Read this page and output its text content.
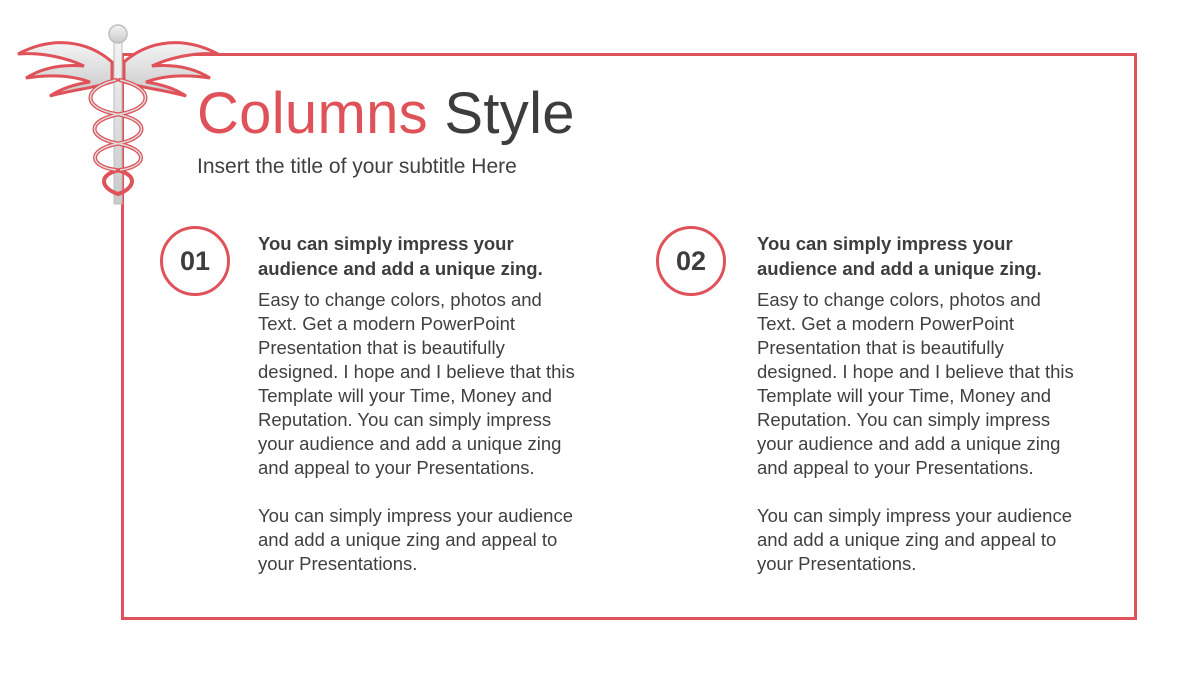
Columns Style

Insert the title of your subtitle Here

01
You can simply impress your
audience and add a unique zing.

Easy to change colors, photos and
Text. Get a modern PowerPoint
Presentation that is beautifully
designed. I hope and I believe that this
Template will your Time, Money and
Reputation. You can simply impress
your audience and add a unique zing
and appeal to your Presentations.

You can simply impress your audience
and add a unique zing and appeal to
your Presentations.

02
You can simply impress your
audience and add a unique zing.

Easy to change colors, photos and
Text. Get a modern PowerPoint
Presentation that is beautifully
designed. I hope and I believe that this
Template will your Time, Money and
Reputation. You can simply impress
your audience and add a unique zing
and appeal to your Presentations.

You can simply impress your audience
and add a unique zing and appeal to
your Presentations.
